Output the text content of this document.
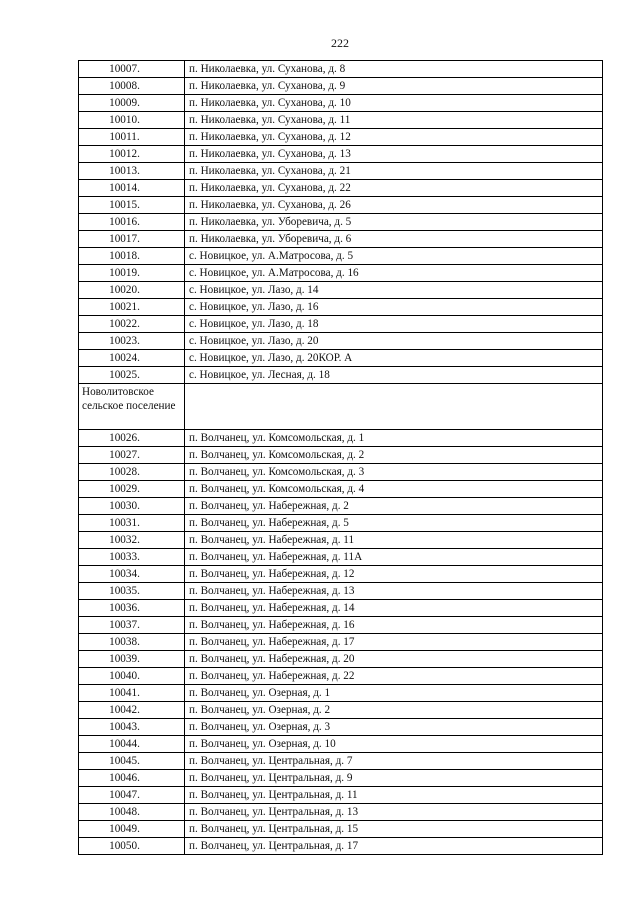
222
10007.	п. Николаевка, ул. Суханова, д. 8
10008.	п. Николаевка, ул. Суханова, д. 9
10009.	п. Николаевка, ул. Суханова, д. 10
10010.	п. Николаевка, ул. Суханова, д. 11
10011.	п. Николаевка, ул. Суханова, д. 12
10012.	п. Николаевка, ул. Суханова, д. 13
10013.	п. Николаевка, ул. Суханова, д. 21
10014.	п. Николаевка, ул. Суханова, д. 22
10015.	п. Николаевка, ул. Суханова, д. 26
10016.	п. Николаевка, ул. Уборевича, д. 5
10017.	п. Николаевка, ул. Уборевича, д. 6
10018.	с. Новицкое, ул. А.Матросова, д. 5
10019.	с. Новицкое, ул. А.Матросова, д. 16
10020.	с. Новицкое, ул. Лазо, д. 14
10021.	с. Новицкое, ул. Лазо, д. 16
10022.	с. Новицкое, ул. Лазо, д. 18
10023.	с. Новицкое, ул. Лазо, д. 20
10024.	с. Новицкое, ул. Лазо, д. 20КОР. А
10025.	с. Новицкое, ул. Лесная, д. 18
Новолитовское сельское поселение	
10026.	п. Волчанец, ул. Комсомольская, д. 1
10027.	п. Волчанец, ул. Комсомольская, д. 2
10028.	п. Волчанец, ул. Комсомольская, д. 3
10029.	п. Волчанец, ул. Комсомольская, д. 4
10030.	п. Волчанец, ул. Набережная, д. 2
10031.	п. Волчанец, ул. Набережная, д. 5
10032.	п. Волчанец, ул. Набережная, д. 11
10033.	п. Волчанец, ул. Набережная, д. 11А
10034.	п. Волчанец, ул. Набережная, д. 12
10035.	п. Волчанец, ул. Набережная, д. 13
10036.	п. Волчанец, ул. Набережная, д. 14
10037.	п. Волчанец, ул. Набережная, д. 16
10038.	п. Волчанец, ул. Набережная, д. 17
10039.	п. Волчанец, ул. Набережная, д. 20
10040.	п. Волчанец, ул. Набережная, д. 22
10041.	п. Волчанец, ул. Озерная, д. 1
10042.	п. Волчанец, ул. Озерная, д. 2
10043.	п. Волчанец, ул. Озерная, д. 3
10044.	п. Волчанец, ул. Озерная, д. 10
10045.	п. Волчанец, ул. Центральная, д. 7
10046.	п. Волчанец, ул. Центральная, д. 9
10047.	п. Волчанец, ул. Центральная, д. 11
10048.	п. Волчанец, ул. Центральная, д. 13
10049.	п. Волчанец, ул. Центральная, д. 15
10050.	п. Волчанец, ул. Центральная, д. 17
